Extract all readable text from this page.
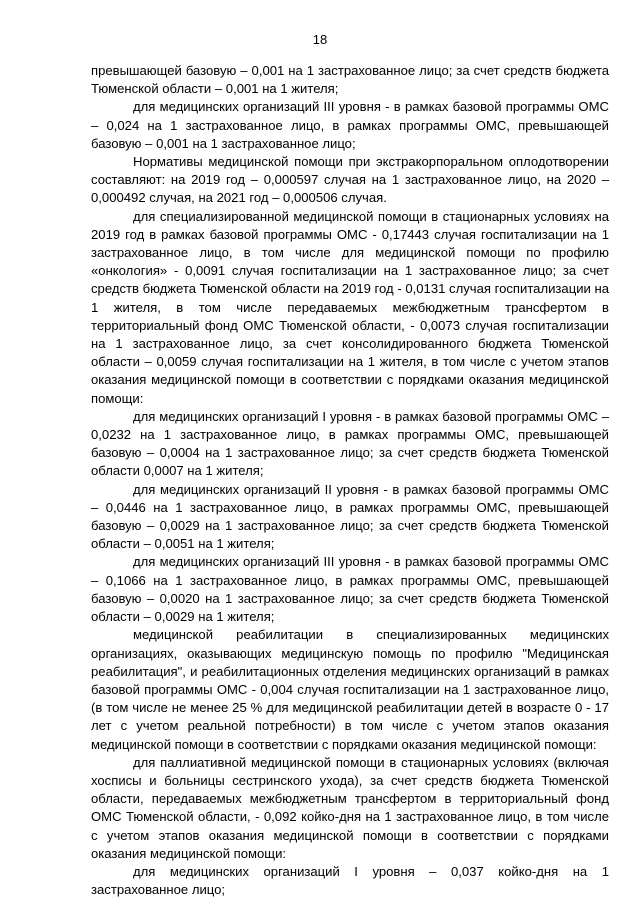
18

превышающей базовую – 0,001 на 1 застрахованное лицо; за счет средств бюджета Тюменской области – 0,001 на 1 жителя;

для медицинских организаций III уровня - в рамках базовой программы ОМС – 0,024 на 1 застрахованное лицо, в рамках программы ОМС, превышающей базовую – 0,001 на 1 застрахованное лицо;

Нормативы медицинской помощи при экстракорпоральном оплодотворении составляют: на 2019 год – 0,000597 случая на 1 застрахованное лицо, на 2020 – 0,000492 случая, на 2021 год – 0,000506 случая.

для специализированной медицинской помощи в стационарных условиях на 2019 год в рамках базовой программы ОМС - 0,17443 случая госпитализации на 1 застрахованное лицо, в том числе для медицинской помощи по профилю «онкология» - 0,0091 случая госпитализации на 1 застрахованное лицо; за счет средств бюджета Тюменской области на 2019 год - 0,0131 случая госпитализации на 1 жителя, в том числе передаваемых межбюджетным трансфертом в территориальный фонд ОМС Тюменской области, - 0,0073 случая госпитализации на 1 застрахованное лицо, за счет консолидированного бюджета Тюменской области – 0,0059 случая госпитализации на 1 жителя, в том числе с учетом этапов оказания медицинской помощи в соответствии с порядками оказания медицинской помощи:

для медицинских организаций I уровня - в рамках базовой программы ОМС – 0,0232 на 1 застрахованное лицо, в рамках программы ОМС, превышающей базовую – 0,0004 на 1 застрахованное лицо; за счет средств бюджета Тюменской области 0,0007 на 1 жителя;

для медицинских организаций II уровня - в рамках базовой программы ОМС – 0,0446 на 1 застрахованное лицо, в рамках программы ОМС, превышающей базовую – 0,0029 на 1 застрахованное лицо; за счет средств бюджета Тюменской области – 0,0051 на 1 жителя;

для медицинских организаций III уровня - в рамках базовой программы ОМС – 0,1066 на 1 застрахованное лицо, в рамках программы ОМС, превышающей базовую – 0,0020 на 1 застрахованное лицо; за счет средств бюджета Тюменской области – 0,0029 на 1 жителя;

медицинской реабилитации в специализированных медицинских организациях, оказывающих медицинскую помощь по профилю "Медицинская реабилитация", и реабилитационных отделения медицинских организаций в рамках базовой программы ОМС - 0,004 случая госпитализации на 1 застрахованное лицо, (в том числе не менее 25 % для медицинской реабилитации детей в возрасте 0 - 17 лет с учетом реальной потребности) в том числе с учетом этапов оказания медицинской помощи в соответствии с порядками оказания медицинской помощи:

для паллиативной медицинской помощи в стационарных условиях (включая хосписы и больницы сестринского ухода), за счет средств бюджета Тюменской области, передаваемых межбюджетным трансфертом в территориальный фонд ОМС Тюменской области, - 0,092 койко-дня на 1 застрахованное лицо, в том числе с учетом этапов оказания медицинской помощи в соответствии с порядками оказания медицинской помощи:

для медицинских организаций I уровня – 0,037 койко-дня на 1 застрахованное лицо;
